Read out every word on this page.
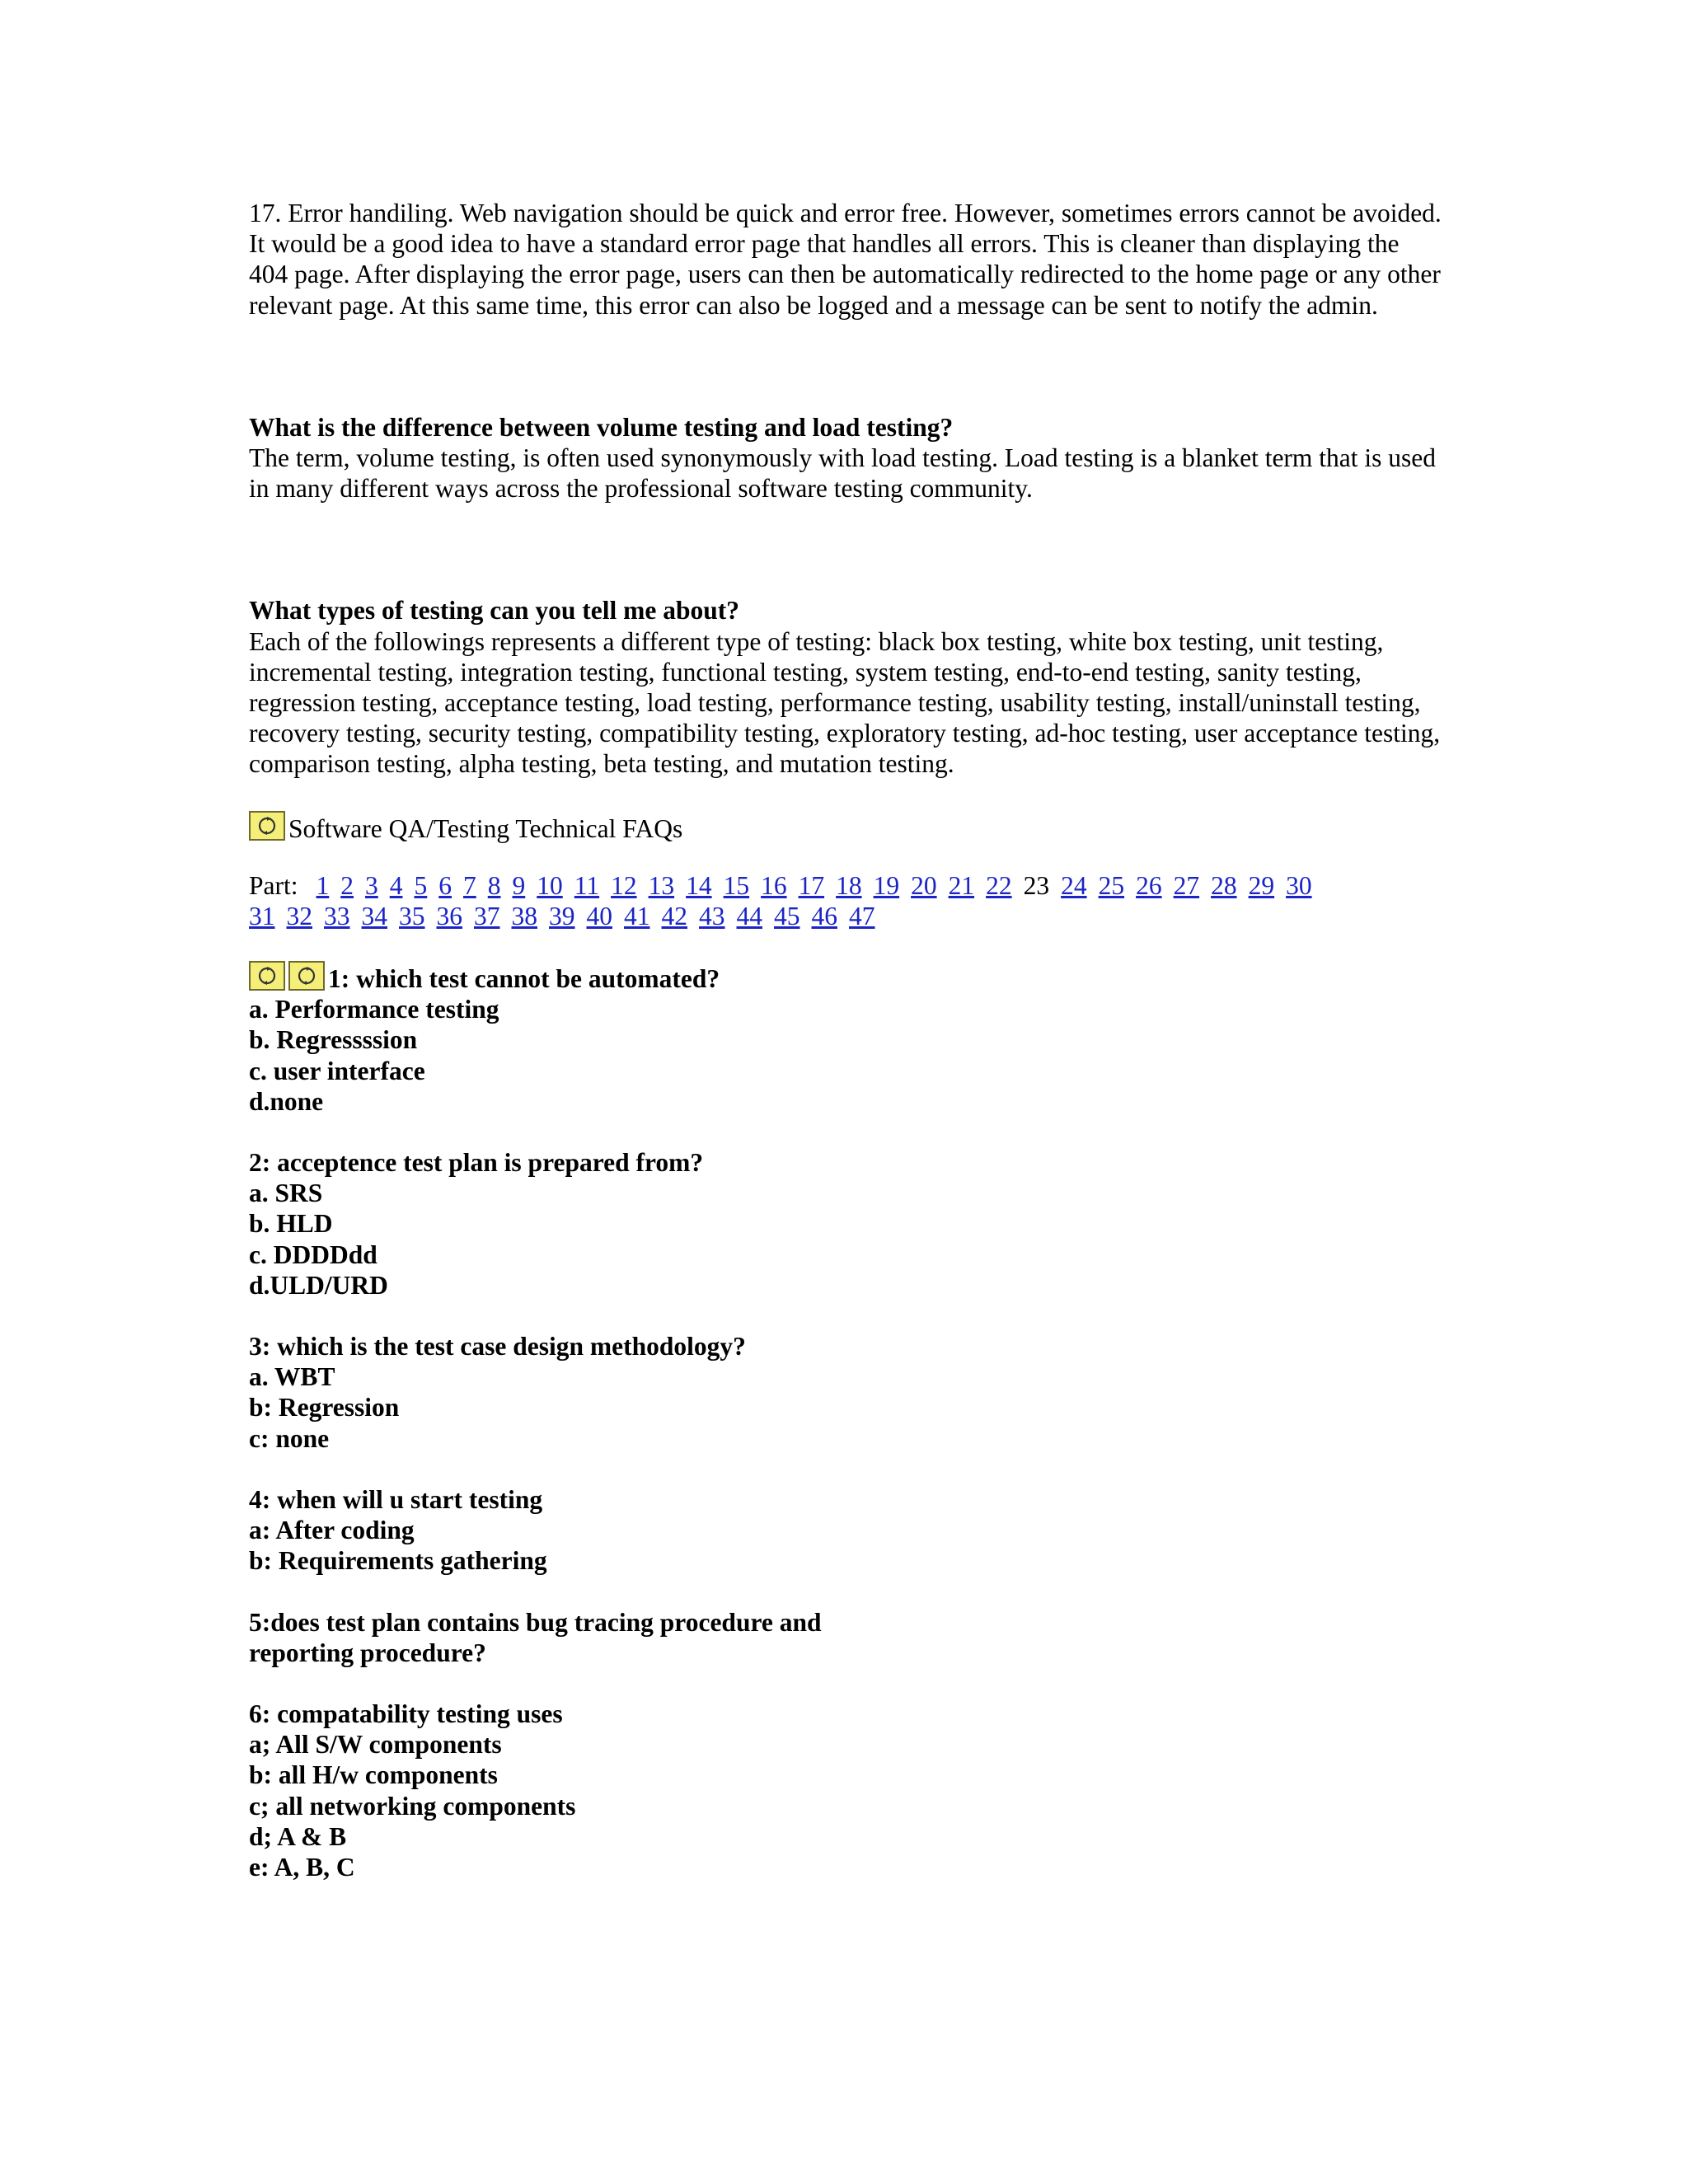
17. Error handiling. Web navigation should be quick and error free. However, sometimes errors cannot be avoided. It would be a good idea to have a standard error page that handles all errors. This is cleaner than displaying the 404 page. After displaying the error page, users can then be automatically redirected to the home page or any other relevant page. At this same time, this error can also be logged and a message can be sent to notify the admin.

What is the difference between volume testing and load testing?

The term, volume testing, is often used synonymously with load testing. Load testing is a blanket term that is used in many different ways across the professional software testing community.

What types of testing can you tell me about?

Each of the followings represents a different type of testing: black box testing, white box testing, unit testing, incremental testing, integration testing, functional testing, system testing, end-to-end testing, sanity testing, regression testing, acceptance testing, load testing, performance testing, usability testing, install/uninstall testing, recovery testing, security testing, compatibility testing, exploratory testing, ad-hoc testing, user acceptance testing, comparison testing, alpha testing, beta testing, and mutation testing.

Software QA/Testing Technical FAQs

Part: 1 2 3 4 5 6 7 8 9 10 11 12 13 14 15 16 17 18 19 20 21 22 23 24 25 26 27 28 29 30
31 32 33 34 35 36 37 38 39 40 41 42 43 44 45 46 47
1: which test cannot be automated?
a. Performance testing
b. Regressssion
c. user interface
d.none
2: acceptence test plan is prepared from?
a. SRS
b. HLD
c. DDDDdd
d.ULD/URD
3: which is the test case design methodology?
a. WBT
b: Regression
c: none
4: when will u start testing
a: After coding
b: Requirements gathering
5:does test plan contains bug tracing procedure and
reporting procedure?
6: compatability testing uses
a; All S/W components
b: all H/w components
c; all networking components
d; A & B
e: A, B, C
